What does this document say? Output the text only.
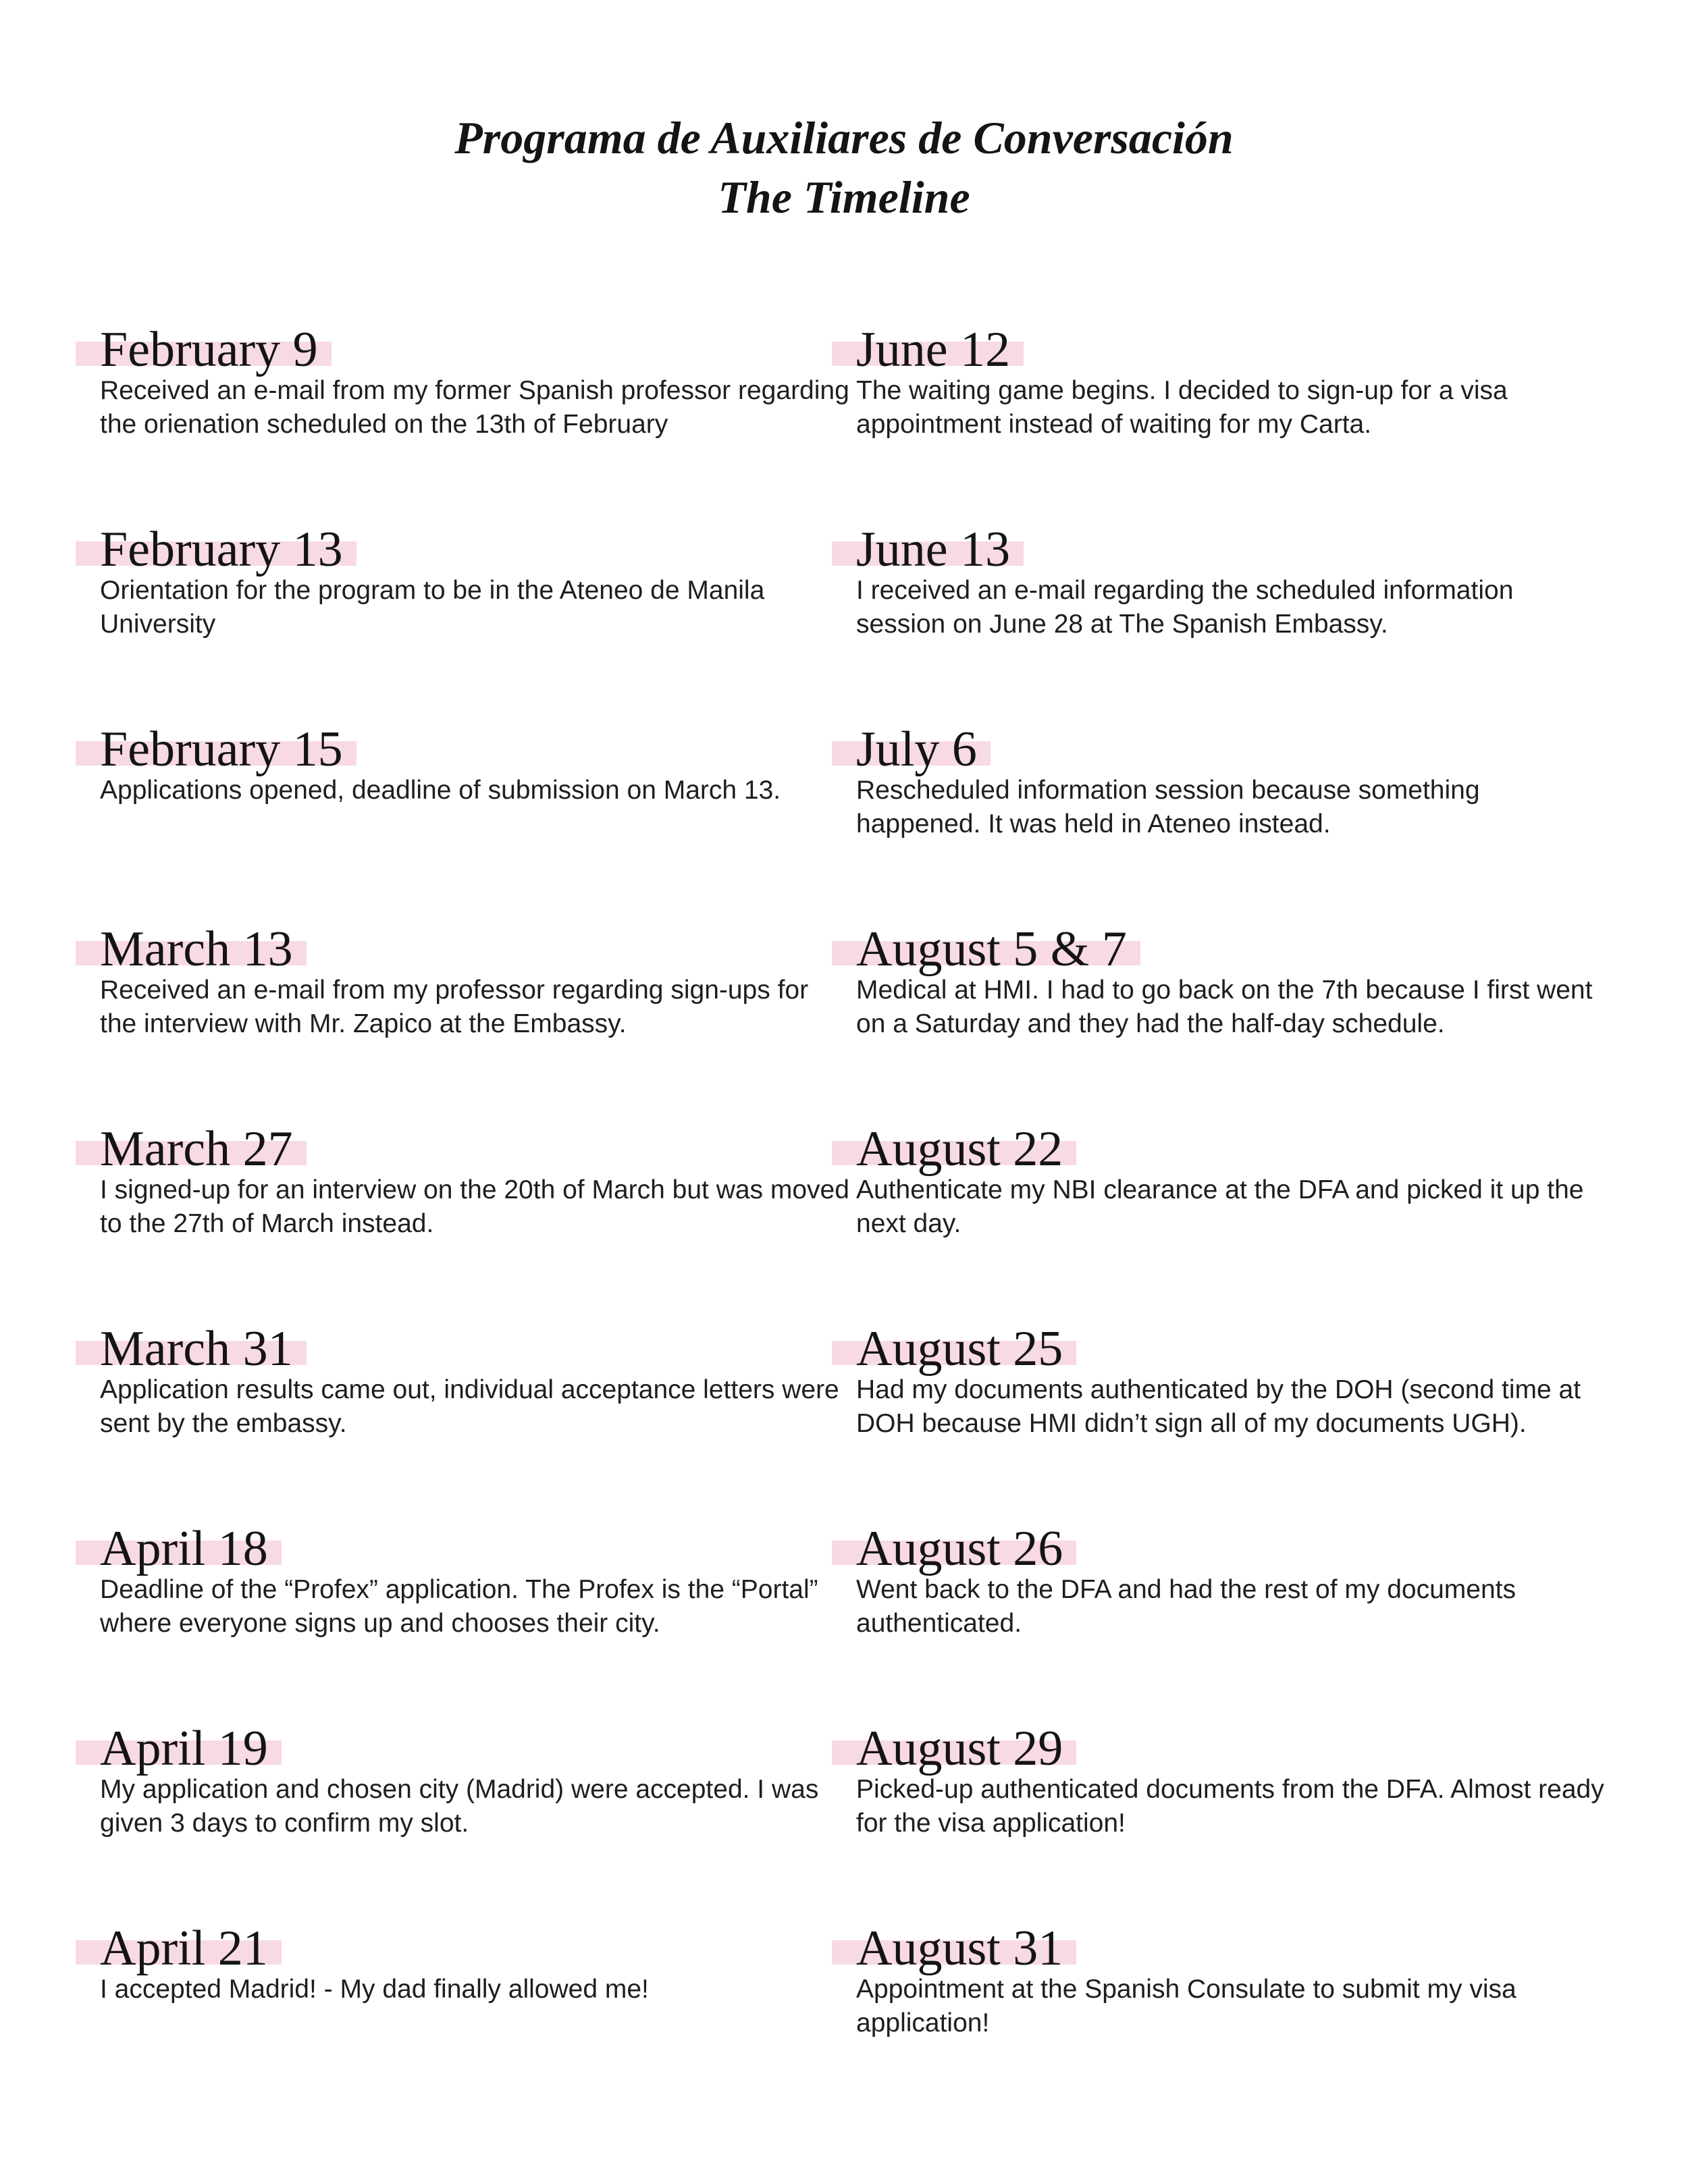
Programa de Auxiliares de Conversación
The Timeline
February 9
Received an e-mail from my former Spanish professor regarding the orienation scheduled on the 13th of February
February 13
Orientation for the program to be in the Ateneo de Manila University
February 15
Applications opened, deadline of submission on March 13.
March 13
Received an e-mail from my professor regarding sign-ups for the interview with Mr. Zapico at the Embassy.
March 27
I signed-up for an interview on the 20th of March but was moved to the 27th of March instead.
March 31
Application results came out, individual acceptance letters were sent by the embassy.
April 18
Deadline of the “Profex” application. The Profex is the “Portal” where everyone signs up and chooses their city.
April 19
My application and chosen city (Madrid) were accepted. I was given 3 days to confirm my slot.
April 21
I accepted Madrid! - My dad finally allowed me!
June 12
The waiting game begins. I decided to sign-up for a visa appointment instead of waiting for my Carta.
June 13
I received an e-mail regarding the scheduled information session on June 28 at The Spanish Embassy.
July 6
Rescheduled information session because something happened. It was held in Ateneo instead.
August 5 & 7
Medical at HMI. I had to go back on the 7th because I first went on a Saturday and they had the half-day schedule.
August 22
Authenticate my NBI clearance at the DFA and picked it up the next day.
August 25
Had my documents authenticated by the DOH (second time at DOH because HMI didn’t sign all of my documents UGH).
August 26
Went back to the DFA and had the rest of my documents authenticated.
August 29
Picked-up authenticated documents from the DFA. Almost ready for the visa application!
August 31
Appointment at the Spanish Consulate to submit my visa application!
